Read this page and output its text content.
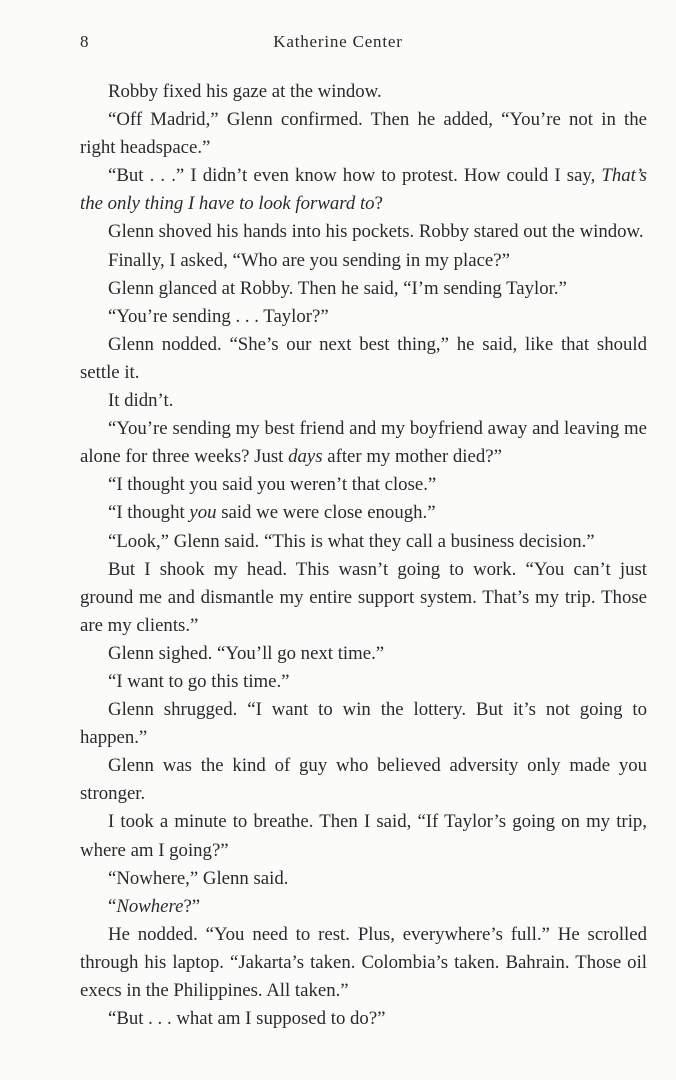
8	Katherine Center

Robby fixed his gaze at the window.

“Off Madrid,” Glenn confirmed. Then he added, “You’re not in the right headspace.”

“But . . .” I didn’t even know how to protest. How could I say, That’s the only thing I have to look forward to?

Glenn shoved his hands into his pockets. Robby stared out the window.

Finally, I asked, “Who are you sending in my place?”

Glenn glanced at Robby. Then he said, “I’m sending Taylor.”

“You’re sending . . . Taylor?”

Glenn nodded. “She’s our next best thing,” he said, like that should settle it.

It didn’t.

“You’re sending my best friend and my boyfriend away and leaving me alone for three weeks? Just days after my mother died?”

“I thought you said you weren’t that close.”

“I thought you said we were close enough.”

“Look,” Glenn said. “This is what they call a business decision.”

But I shook my head. This wasn’t going to work. “You can’t just ground me and dismantle my entire support system. That’s my trip. Those are my clients.”

Glenn sighed. “You’ll go next time.”

“I want to go this time.”

Glenn shrugged. “I want to win the lottery. But it’s not going to happen.”

Glenn was the kind of guy who believed adversity only made you stronger.

I took a minute to breathe. Then I said, “If Taylor’s going on my trip, where am I going?”

“Nowhere,” Glenn said.

“Nowhere?”

He nodded. “You need to rest. Plus, everywhere’s full.” He scrolled through his laptop. “Jakarta’s taken. Colombia’s taken. Bahrain. Those oil execs in the Philippines. All taken.”

“But . . . what am I supposed to do?”
